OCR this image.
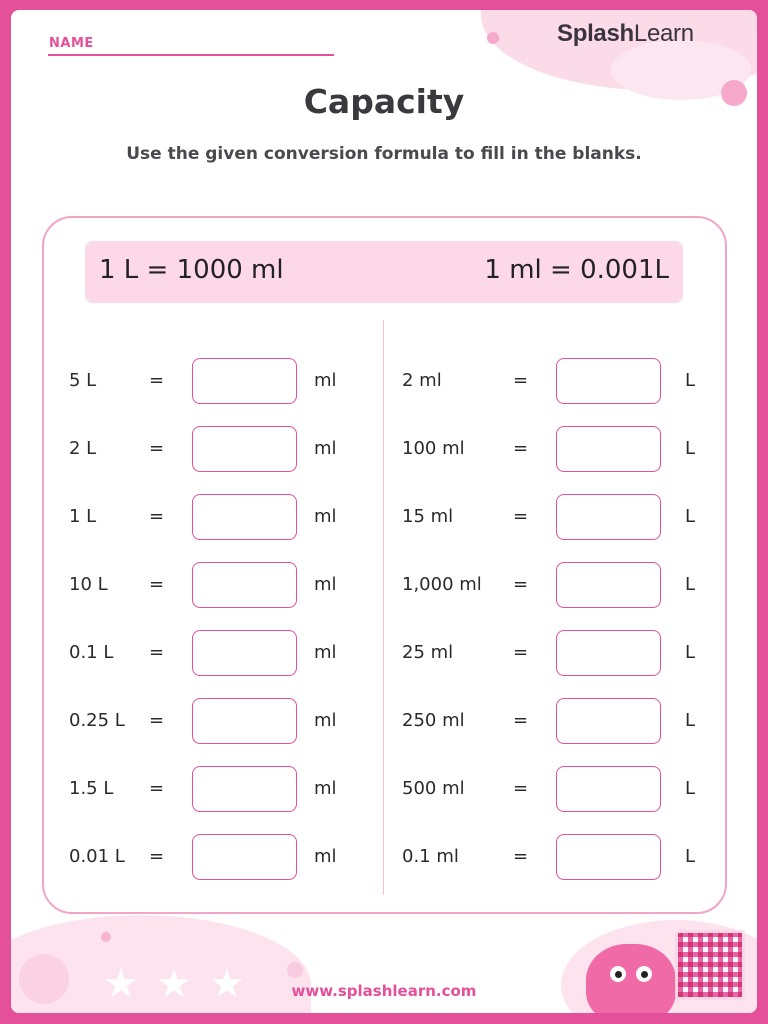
NAME	SplashLearn
Capacity
Use the given conversion formula to fill in the blanks.
1 L = 1000 ml	1 ml = 0.001L
5 L	=	ml
2 L	=	ml
1 L	=	ml
10 L =	ml
0.1 L =	ml
0.25 L =	ml
1.5 L =	ml
0.01 L =	ml
2 ml	=	L
100 ml	=	L
15 ml	=	L
1,000 ml =	L
25 ml	=	L
250 ml	=	L
500 ml	=	L
0.1 ml	=	L
★ ★ ★	www.splashlearn.com
